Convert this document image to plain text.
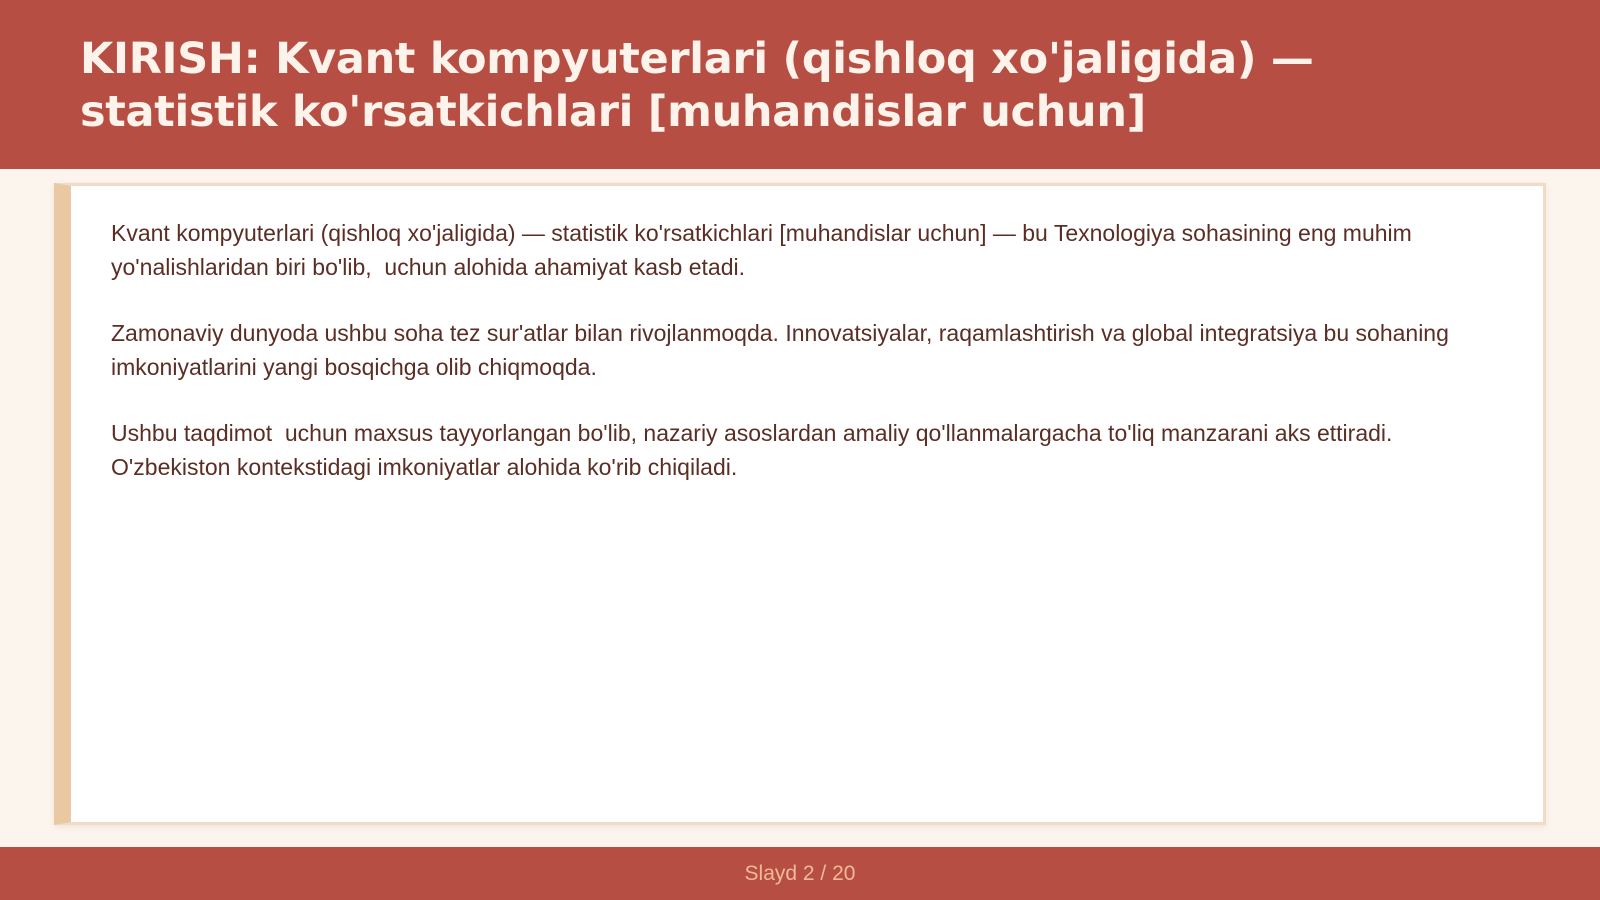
KIRISH: Kvant kompyuterlari (qishloq xo'jaligida) — statistik ko'rsatkichlari [muhandislar uchun]

Kvant kompyuterlari (qishloq xo'jaligida) — statistik ko'rsatkichlari [muhandislar uchun] — bu Texnologiya sohasining eng muhim yo'nalishlaridan biri bo'lib,  uchun alohida ahamiyat kasb etadi.

Zamonaviy dunyoda ushbu soha tez sur'atlar bilan rivojlanmoqda. Innovatsiyalar, raqamlashtirish va global integratsiya bu sohaning imkoniyatlarini yangi bosqichga olib chiqmoqda.

Ushbu taqdimot  uchun maxsus tayyorlangan bo'lib, nazariy asoslardan amaliy qo'llanmalargacha to'liq manzarani aks ettiradi. O'zbekiston kontekstidagi imkoniyatlar alohida ko'rib chiqiladi.

Slayd 2 / 20
